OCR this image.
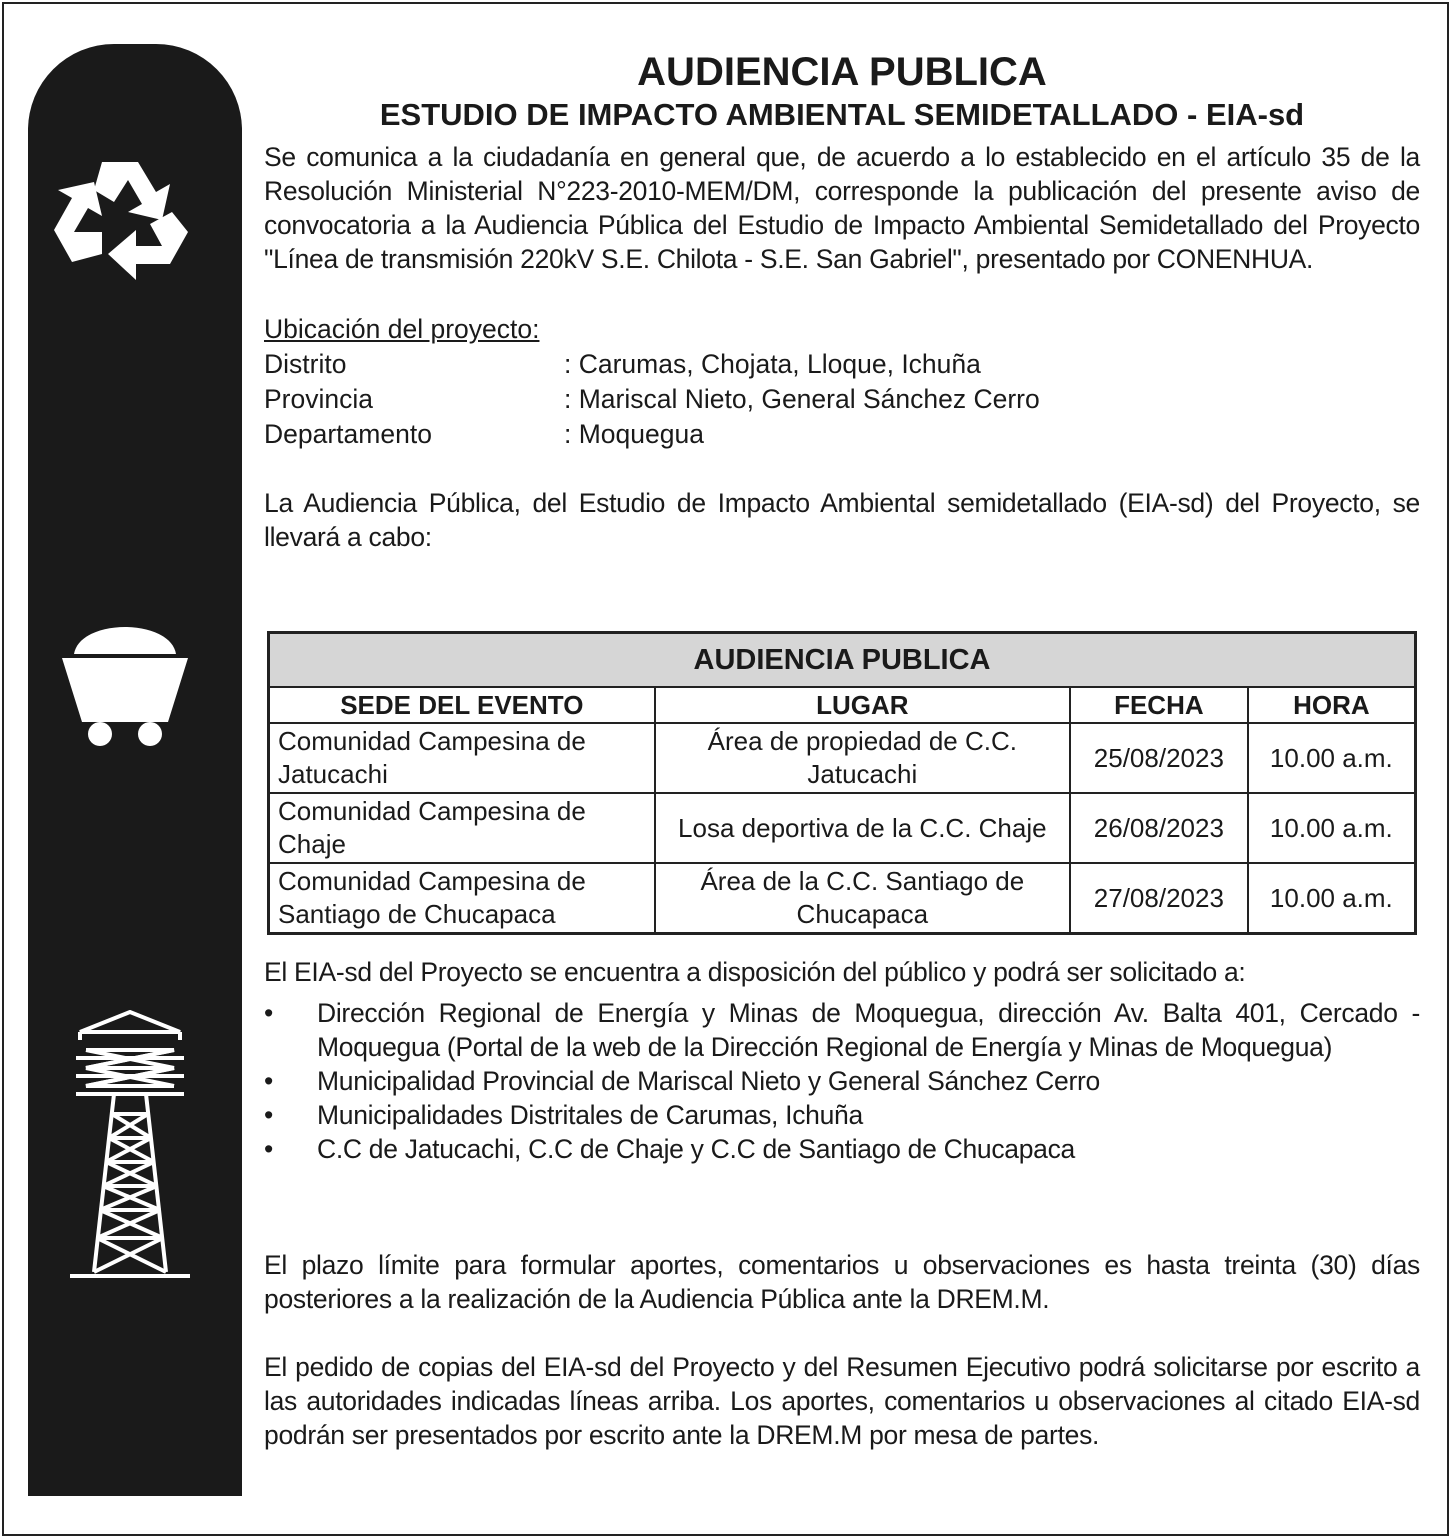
AUDIENCIA PUBLICA
ESTUDIO DE IMPACTO AMBIENTAL SEMIDETALLADO - EIA-sd

Se comunica a la ciudadanía en general que, de acuerdo a lo establecido en el artículo 35 de la Resolución Ministerial N°223-2010-MEM/DM, corresponde la publicación del presente aviso de convocatoria a la Audiencia Pública del Estudio de Impacto Ambiental Semidetallado del Proyecto "Línea de transmisión 220kV S.E. Chilota - S.E. San Gabriel", presentado por CONENHUA.

Ubicación del proyecto:
Distrito	: Carumas, Chojata, Lloque, Ichuña
Provincia	: Mariscal Nieto, General Sánchez Cerro
Departamento	: Moquegua

La Audiencia Pública, del Estudio de Impacto Ambiental semidetallado (EIA-sd) del Proyecto, se llevará a cabo:

AUDIENCIA PUBLICA			
SEDE DEL EVENTO	LUGAR	FECHA	HORA
Comunidad Campesina de Jatucachi	Área de propiedad de C.C. Jatucachi	25/08/2023	10.00 a.m.
Comunidad Campesina de Chaje	Losa deportiva de la C.C. Chaje	26/08/2023	10.00 a.m.
Comunidad Campesina de Santiago de Chucapaca	Área de la C.C. Santiago de Chucapaca	27/08/2023	10.00 a.m.
El EIA-sd del Proyecto se encuentra a disposición del público y podrá ser solicitado a:
• Dirección Regional de Energía y Minas de Moquegua, dirección Av. Balta 401, Cercado - Moquegua (Portal de la web de la Dirección Regional de Energía y Minas de Moquegua)
• Municipalidad Provincial de Mariscal Nieto y General Sánchez Cerro
• Municipalidades Distritales de Carumas, Ichuña
• C.C de Jatucachi, C.C de Chaje y C.C de Santiago de Chucapaca

El plazo límite para formular aportes, comentarios u observaciones es hasta treinta (30) días posteriores a la realización de la Audiencia Pública ante la DREM.M.

El pedido de copias del EIA-sd del Proyecto y del Resumen Ejecutivo podrá solicitarse por escrito a las autoridades indicadas líneas arriba. Los aportes, comentarios u observaciones al citado EIA-sd podrán ser presentados por escrito ante la DREM.M por mesa de partes.
